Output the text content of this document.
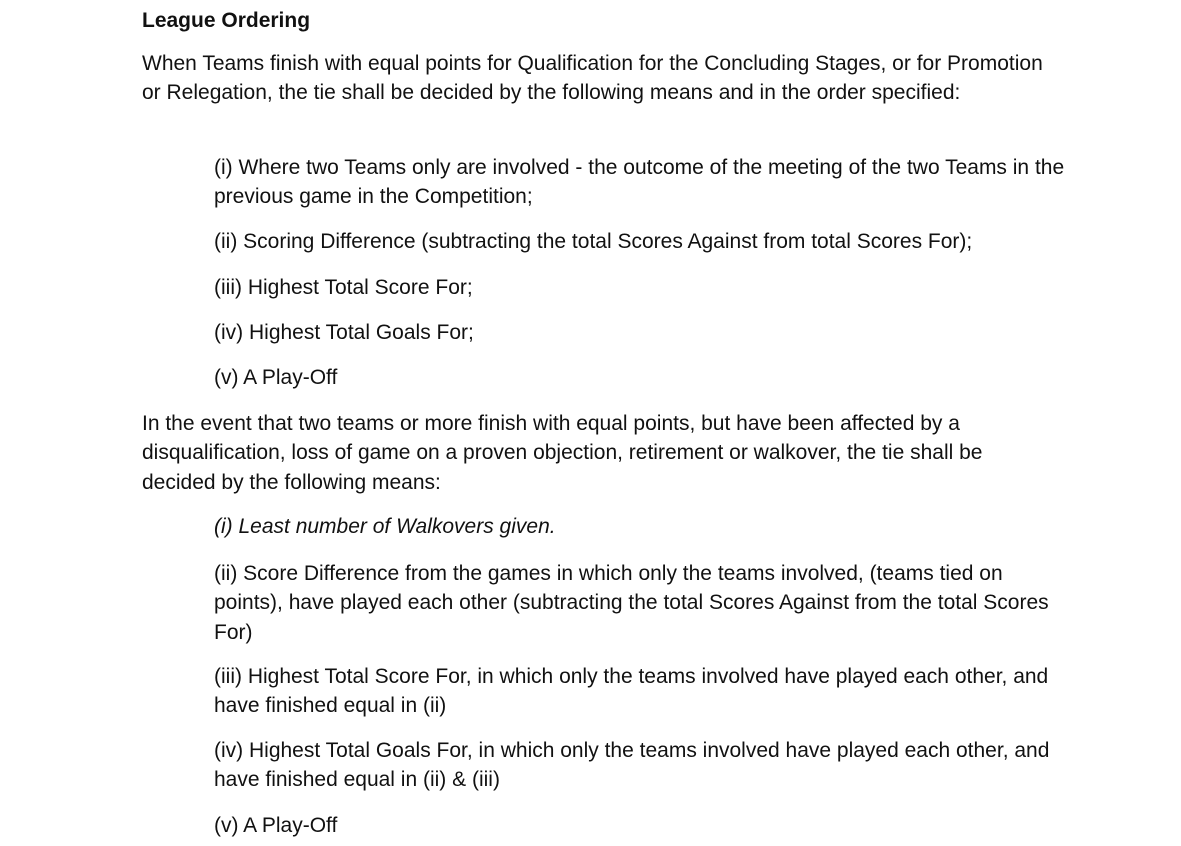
League Ordering

When Teams finish with equal points for Qualification for the Concluding Stages, or for Promotion or Relegation, the tie shall be decided by the following means and in the order specified:

(i) Where two Teams only are involved - the outcome of the meeting of the two Teams in the previous game in the Competition;

(ii) Scoring Difference (subtracting the total Scores Against from total Scores For);

(iii) Highest Total Score For;

(iv) Highest Total Goals For;

(v) A Play-Off

In the event that two teams or more finish with equal points, but have been affected by a disqualification, loss of game on a proven objection, retirement or walkover, the tie shall be decided by the following means:

(i) Least number of Walkovers given.

(ii) Score Difference from the games in which only the teams involved, (teams tied on points), have played each other (subtracting the total Scores Against from the total Scores For)

(iii) Highest Total Score For, in which only the teams involved have played each other, and have finished equal in (ii)

(iv) Highest Total Goals For, in which only the teams involved have played each other, and have finished equal in (ii) & (iii)

(v) A Play-Off
